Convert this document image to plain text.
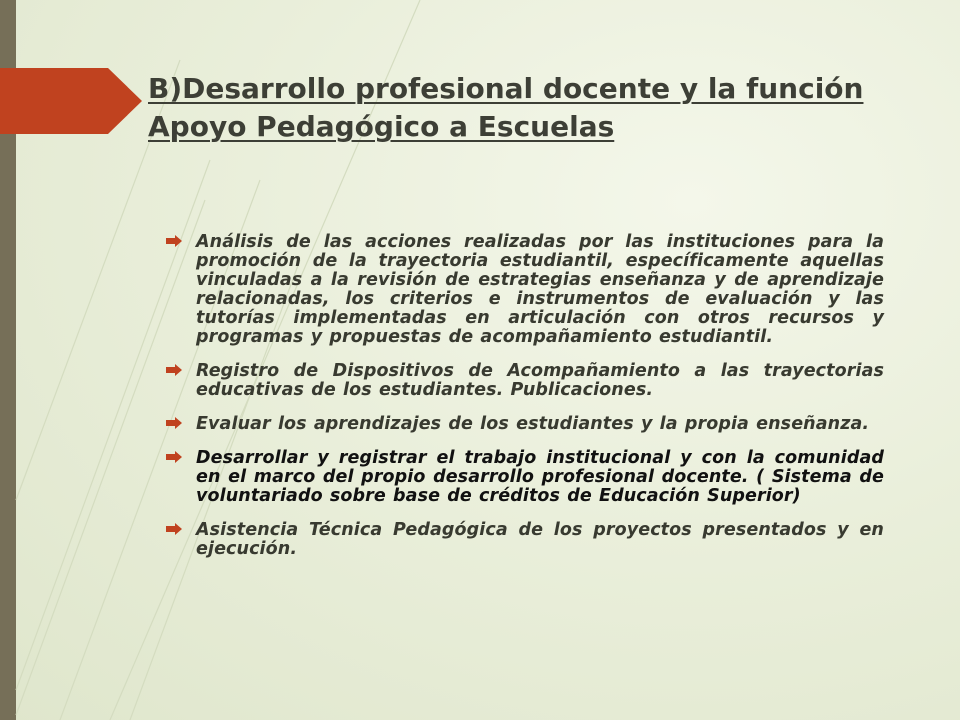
B)Desarrollo profesional docente y la función Apoyo Pedagógico a Escuelas
Análisis de las acciones realizadas por las instituciones para la promoción de la trayectoria estudiantil, específicamente aquellas vinculadas a la revisión de estrategias enseñanza y de aprendizaje relacionadas, los criterios e instrumentos de evaluación y las tutorías implementadas en articulación con otros recursos y programas y propuestas de acompañamiento estudiantil.
Registro de Dispositivos de Acompañamiento a las trayectorias educativas de los estudiantes. Publicaciones.
Evaluar los aprendizajes de los estudiantes y la propia enseñanza.
Desarrollar y registrar el trabajo institucional y con la comunidad en el marco del propio desarrollo profesional docente. ( Sistema de voluntariado sobre base de créditos de Educación Superior)
Asistencia Técnica Pedagógica de los proyectos presentados y en ejecución.
